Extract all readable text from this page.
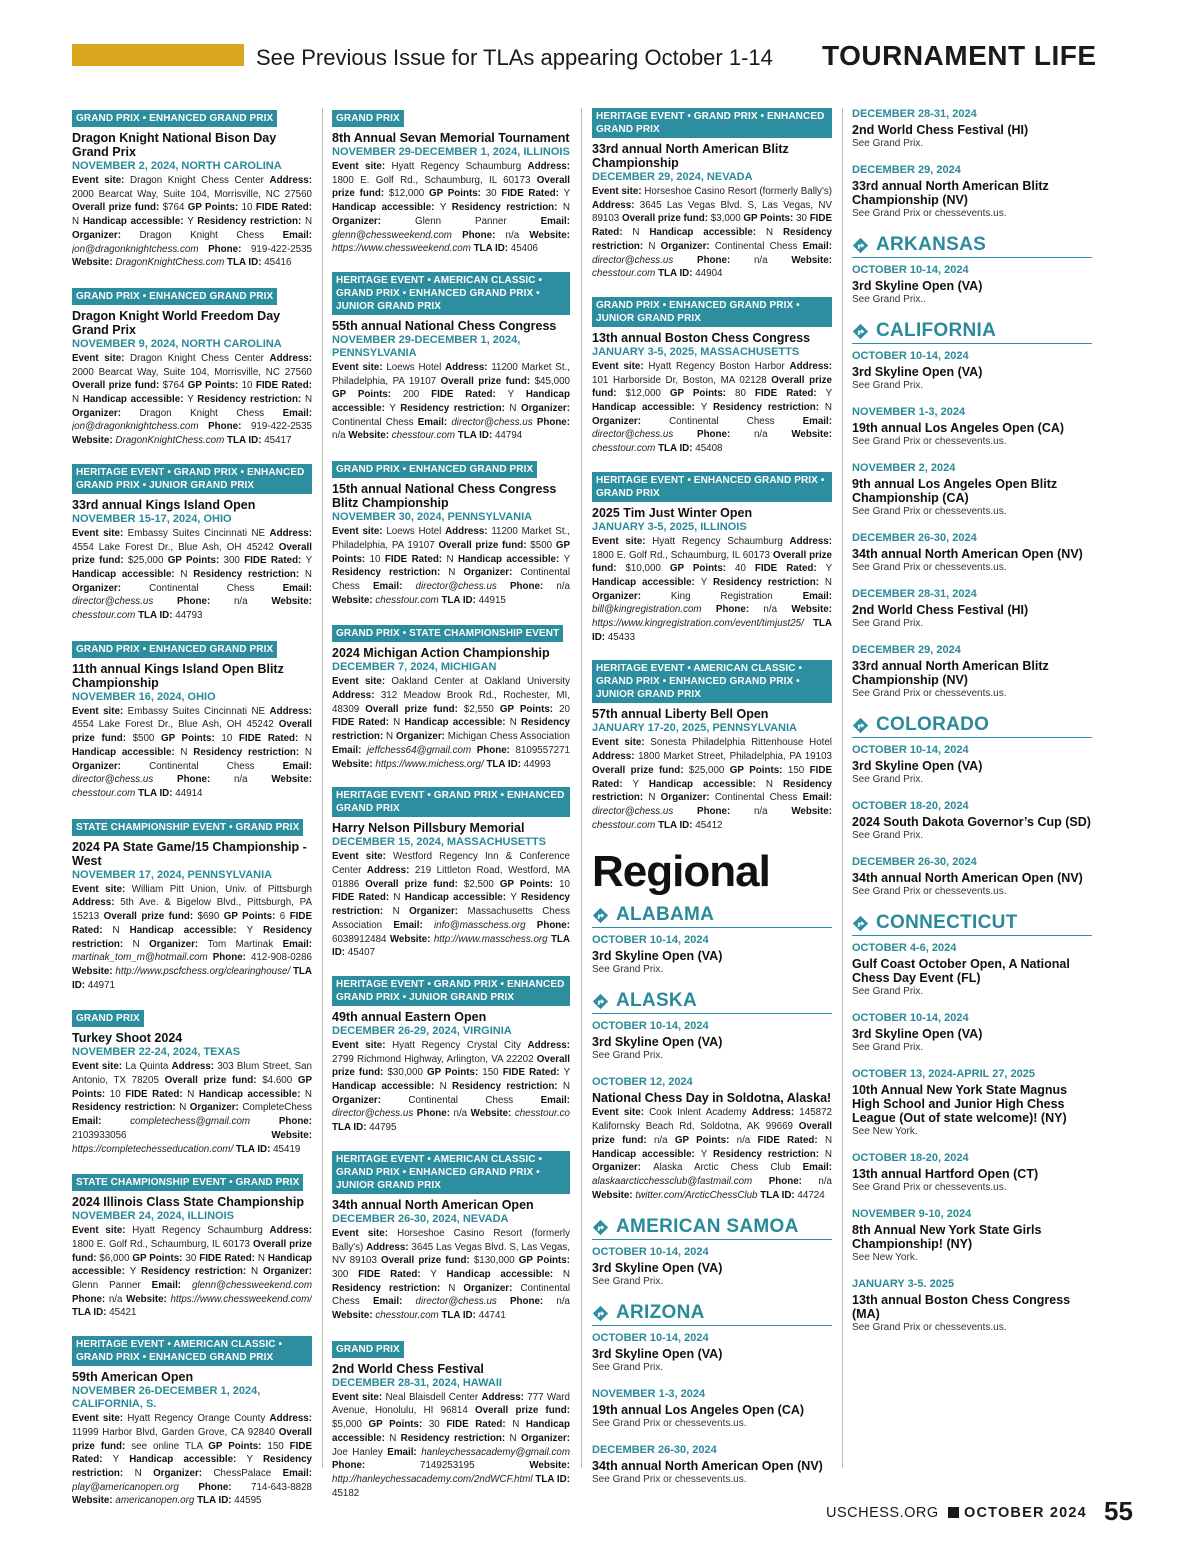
See Previous Issue for TLAs appearing October 1-14 TOURNAMENT LIFE
GRAND PRIX • ENHANCED GRAND PRIX

Dragon Knight National Bison Day Grand Prix
NOVEMBER 2, 2024, NORTH CAROLINA
Event site: Dragon Knight Chess Center Address: 2000 Bearcat Way, Suite 104, Morrisville, NC 27560 Overall prize fund: $764 GP Points: 10 FIDE Rated: N Handicap accessible: Y Residency restriction: N Organizer: Dragon Knight Chess Email: jon@dragonknightchess.com Phone: 919-422-2535 Website: DragonKnightChess.com TLA ID: 45416
GRAND PRIX • ENHANCED GRAND PRIX

Dragon Knight World Freedom Day Grand Prix
NOVEMBER 9, 2024, NORTH CAROLINA
Event site: Dragon Knight Chess Center Address: 2000 Bearcat Way, Suite 104, Morrisville, NC 27560 Overall prize fund: $764 GP Points: 10 FIDE Rated: N Handicap accessible: Y Residency restriction: N Organizer: Dragon Knight Chess Email: jon@dragonknightchess.com Phone: 919-422-2535 Website: DragonKnightChess.com TLA ID: 45417
HERITAGE EVENT • GRAND PRIX • ENHANCED GRAND PRIX • JUNIOR GRAND PRIX

33rd annual Kings Island Open
NOVEMBER 15-17, 2024, OHIO
Event site: Embassy Suites Cincinnati NE Address: 4554 Lake Forest Dr., Blue Ash, OH 45242 Overall prize fund: $25,000 GP Points: 300 FIDE Rated: Y Handicap accessible: N Residency restriction: N Organizer: Continental Chess Email: director@chess.us Phone: n/a Website: chesstour.com TLA ID: 44793
GRAND PRIX • ENHANCED GRAND PRIX

11th annual Kings Island Open Blitz Championship
NOVEMBER 16, 2024, OHIO
Event site: Embassy Suites Cincinnati NE Address: 4554 Lake Forest Dr., Blue Ash, OH 45242 Overall prize fund: $500 GP Points: 10 FIDE Rated: N Handicap accessible: N Residency restriction: N Organizer: Continental Chess Email: director@chess.us Phone: n/a Website: chesstour.com TLA ID: 44914
STATE CHAMPIONSHIP EVENT • GRAND PRIX

2024 PA State Game/15 Championship - West
NOVEMBER 17, 2024, PENNSYLVANIA
Event site: William Pitt Union, Univ. of Pittsburgh Address: 5th Ave. & Bigelow Blvd., Pittsburgh, PA 15213 Overall prize fund: $690 GP Points: 6 FIDE Rated: N Handicap accessible: Y Residency restriction: N Organizer: Tom Martinak Email: martinak_tom_m@hotmail.com Phone: 412-908-0286 Website: http://www.pscfchess.org/clearinghouse/ TLA ID: 44971
GRAND PRIX

Turkey Shoot 2024
NOVEMBER 22-24, 2024, TEXAS
Event site: La Quinta Address: 303 Blum Street, San Antonio, TX 78205 Overall prize fund: $4.600 GP Points: 10 FIDE Rated: N Handicap accessible: N Residency restriction: N Organizer: CompleteChess Email: completechess@gmail.com Phone: 2103933056 Website: https://completechesseducation.com/ TLA ID: 45419
STATE CHAMPIONSHIP EVENT • GRAND PRIX

2024 Illinois Class State Championship
NOVEMBER 24, 2024, ILLINOIS
Event site: Hyatt Regency Schaumburg Address: 1800 E. Golf Rd., Schaumburg, IL 60173 Overall prize fund: $6,000 GP Points: 30 FIDE Rated: N Handicap accessible: Y Residency restriction: N Organizer: Glenn Panner Email: glenn@chessweekend.com Phone: n/a Website: https://www.chessweekend.com/ TLA ID: 45421
HERITAGE EVENT • AMERICAN CLASSIC • GRAND PRIX • ENHANCED GRAND PRIX

59th American Open
NOVEMBER 26-DECEMBER 1, 2024, CALIFORNIA, S.
Event site: Hyatt Regency Orange County Address: 11999 Harbor Blvd, Garden Grove, CA 92840 Overall prize fund: see online TLA GP Points: 150 FIDE Rated: Y Handicap accessible: Y Residency restriction: N Organizer: ChessPalace Email: play@americanopen.org Phone: 714-643-8828 Website: americanopen.org TLA ID: 44595
GRAND PRIX

8th Annual Sevan Memorial Tournament
NOVEMBER 29-DECEMBER 1, 2024, ILLINOIS
Event site: Hyatt Regency Schaumburg Address: 1800 E. Golf Rd., Schaumburg, IL 60173 Overall prize fund: $12,000 GP Points: 30 FIDE Rated: Y Handicap accessible: Y Residency restriction: N Organizer: Glenn Panner Email: glenn@chessweekend.com Phone: n/a Website: https://www.chessweekend.com TLA ID: 45406
HERITAGE EVENT • AMERICAN CLASSIC • GRAND PRIX • ENHANCED GRAND PRIX • JUNIOR GRAND PRIX

55th annual National Chess Congress
NOVEMBER 29-DECEMBER 1, 2024, PENNSYLVANIA
Event site: Loews Hotel Address: 11200 Market St., Philadelphia, PA 19107 Overall prize fund: $45,000 GP Points: 200 FIDE Rated: Y Handicap accessible: Y Residency restriction: N Organizer: Continental Chess Email: director@chess.us Phone: n/a Website: chesstour.com TLA ID: 44794
GRAND PRIX • ENHANCED GRAND PRIX

15th annual National Chess Congress Blitz Championship
NOVEMBER 30, 2024, PENNSYLVANIA
Event site: Loews Hotel Address: 11200 Market St., Philadelphia, PA 19107 Overall prize fund: $500 GP Points: 10 FIDE Rated: N Handicap accessible: Y Residency restriction: N Organizer: Continental Chess Email: director@chess.us Phone: n/a Website: chesstour.com TLA ID: 44915
GRAND PRIX • STATE CHAMPIONSHIP EVENT

2024 Michigan Action Championship
DECEMBER 7, 2024, MICHIGAN
Event site: Oakland Center at Oakland University Address: 312 Meadow Brook Rd., Rochester, MI, 48309 Overall prize fund: $2,550 GP Points: 20 FIDE Rated: N Handicap accessible: N Residency restriction: N Organizer: Michigan Chess Association Email: jeffchess64@gmail.com Phone: 8109557271 Website: https://www.michess.org/ TLA ID: 44993
HERITAGE EVENT • GRAND PRIX • ENHANCED GRAND PRIX

Harry Nelson Pillsbury Memorial
DECEMBER 15, 2024, MASSACHUSETTS
Event site: Westford Regency Inn & Conference Center Address: 219 Littleton Road, Westford, MA 01886 Overall prize fund: $2,500 GP Points: 10 FIDE Rated: N Handicap accessible: Y Residency restriction: N Organizer: Massachusetts Chess Association Email: info@masschess.org Phone: 6038912484 Website: http://www.masschess.org TLA ID: 45407
HERITAGE EVENT • GRAND PRIX • ENHANCED GRAND PRIX • JUNIOR GRAND PRIX

49th annual Eastern Open
DECEMBER 26-29, 2024, VIRGINIA
Event site: Hyatt Regency Crystal City Address: 2799 Richmond Highway, Arlington, VA 22202 Overall prize fund: $30,000 GP Points: 150 FIDE Rated: Y Handicap accessible: N Residency restriction: N Organizer: Continental Chess Email: director@chess.us Phone: n/a Website: chesstour.co TLA ID: 44795
HERITAGE EVENT • AMERICAN CLASSIC • GRAND PRIX • ENHANCED GRAND PRIX • JUNIOR GRAND PRIX

34th annual North American Open
DECEMBER 26-30, 2024, NEVADA
Event site: Horseshoe Casino Resort (formerly Bally's) Address: 3645 Las Vegas Blvd. S, Las Vegas, NV 89103 Overall prize fund: $130,000 GP Points: 300 FIDE Rated: Y Handicap accessible: N Residency restriction: N Organizer: Continental Chess Email: director@chess.us Phone: n/a Website: chesstour.com TLA ID: 44741
GRAND PRIX

2nd World Chess Festival
DECEMBER 28-31, 2024, HAWAII
Event site: Neal Blaisdell Center Address: 777 Ward Avenue, Honolulu, HI 96814 Overall prize fund: $5,000 GP Points: 30 FIDE Rated: N Handicap accessible: N Residency restriction: N Organizer: Joe Hanley Email: hanleychessacademy@gmail.com Phone: 7149253195 Website: http://hanleychessacademy.com/2ndWCF.html TLA ID: 45182
HERITAGE EVENT • GRAND PRIX • ENHANCED GRAND PRIX

33rd annual North American Blitz Championship
DECEMBER 29, 2024, NEVADA
Event site: Horseshoe Casino Resort (formerly Bally's) Address: 3645 Las Vegas Blvd. S, Las Vegas, NV 89103 Overall prize fund: $3,000 GP Points: 30 FIDE Rated: N Handicap accessible: N Residency restriction: N Organizer: Continental Chess Email: director@chess.us Phone: n/a Website: chesstour.com TLA ID: 44904
GRAND PRIX • ENHANCED GRAND PRIX • JUNIOR GRAND PRIX

13th annual Boston Chess Congress
JANUARY 3-5, 2025, MASSACHUSETTS
Event site: Hyatt Regency Boston Harbor Address: 101 Harborside Dr, Boston, MA 02128 Overall prize fund: $12,000 GP Points: 80 FIDE Rated: Y Handicap accessible: Y Residency restriction: N Organizer: Continental Chess Email: director@chess.us Phone: n/a Website: chesstour.com TLA ID: 45408
HERITAGE EVENT • ENHANCED GRAND PRIX • GRAND PRIX

2025 Tim Just Winter Open
JANUARY 3-5, 2025, ILLINOIS
Event site: Hyatt Regency Schaumburg Address: 1800 E. Golf Rd., Schaumburg, IL 60173 Overall prize fund: $10,000 GP Points: 40 FIDE Rated: Y Handicap accessible: Y Residency restriction: N Organizer: King Registration Email: bill@kingregistration.com Phone: n/a Website: https://www.kingregistration.com/event/timjust25/ TLA ID: 45433
HERITAGE EVENT • AMERICAN CLASSIC • GRAND PRIX • ENHANCED GRAND PRIX • JUNIOR GRAND PRIX

57th annual Liberty Bell Open
JANUARY 17-20, 2025, PENNSYLVANIA
Event site: Sonesta Philadelphia Rittenhouse Hotel Address: 1800 Market Street, Philadelphia, PA 19103 Overall prize fund: $25,000 GP Points: 150 FIDE Rated: Y Handicap accessible: N Residency restriction: N Organizer: Continental Chess Email: director@chess.us Phone: n/a Website: chesstour.com TLA ID: 45412
Regional
ALABAMA
OCTOBER 10-14, 2024
3rd Skyline Open (VA)
See Grand Prix.
ALASKA
OCTOBER 10-14, 2024
3rd Skyline Open (VA)
See Grand Prix.
OCTOBER 12, 2024
National Chess Day in Soldotna, Alaska!
Event site: Cook Inlent Academy Address: 145872 Kalifornsky Beach Rd, Soldotna, AK 99669 Overall prize fund: n/a GP Points: n/a FIDE Rated: N Handicap accessible: Y Residency restriction: N Organizer: Alaska Arctic Chess Club Email: alaskaarcticchessclub@fastmail.com Phone: n/a Website: twitter.com/ArcticChessClub TLA ID: 44724
AMERICAN SAMOA
OCTOBER 10-14, 2024
3rd Skyline Open (VA)
See Grand Prix.
ARIZONA
OCTOBER 10-14, 2024
3rd Skyline Open (VA)
See Grand Prix.
NOVEMBER 1-3, 2024
19th annual Los Angeles Open (CA)
See Grand Prix or chessevents.us.
DECEMBER 26-30, 2024
34th annual North American Open (NV)
See Grand Prix or chessevents.us.
DECEMBER 28-31, 2024
2nd World Chess Festival (HI)
See Grand Prix.
DECEMBER 29, 2024
33rd annual North American Blitz Championship (NV)
See Grand Prix or chessevents.us.
ARKANSAS
OCTOBER 10-14, 2024
3rd Skyline Open (VA)
See Grand Prix..
CALIFORNIA
OCTOBER 10-14, 2024
3rd Skyline Open (VA)
See Grand Prix.
NOVEMBER 1-3, 2024
19th annual Los Angeles Open (CA)
See Grand Prix or chessevents.us.
NOVEMBER 2, 2024
9th annual Los Angeles Open Blitz Championship (CA)
See Grand Prix or chessevents.us.
DECEMBER 26-30, 2024
34th annual North American Open (NV)
See Grand Prix or chessevents.us.
DECEMBER 28-31, 2024
2nd World Chess Festival (HI)
See Grand Prix.
DECEMBER 29, 2024
33rd annual North American Blitz Championship (NV)
See Grand Prix or chessevents.us.
COLORADO
OCTOBER 10-14, 2024
3rd Skyline Open (VA)
See Grand Prix.
OCTOBER 18-20, 2024
2024 South Dakota Governor’s Cup (SD)
See Grand Prix.
DECEMBER 26-30, 2024
34th annual North American Open (NV)
See Grand Prix or chessevents.us.
CONNECTICUT
OCTOBER 4-6, 2024
Gulf Coast October Open, A National Chess Day Event (FL)
See Grand Prix.
OCTOBER 10-14, 2024
3rd Skyline Open (VA)
See Grand Prix.
OCTOBER 13, 2024-APRIL 27, 2025
10th Annual New York State Magnus High School and Junior High Chess League (Out of state welcome)! (NY)
See New York.
OCTOBER 18-20, 2024
13th annual Hartford Open (CT)
See Grand Prix or chessevents.us.
NOVEMBER 9-10, 2024
8th Annual New York State Girls Championship! (NY)
See New York.
JANUARY 3-5. 2025
13th annual Boston Chess Congress (MA)
See Grand Prix or chessevents.us.
USCHESS.ORG OCTOBER 2024 55
